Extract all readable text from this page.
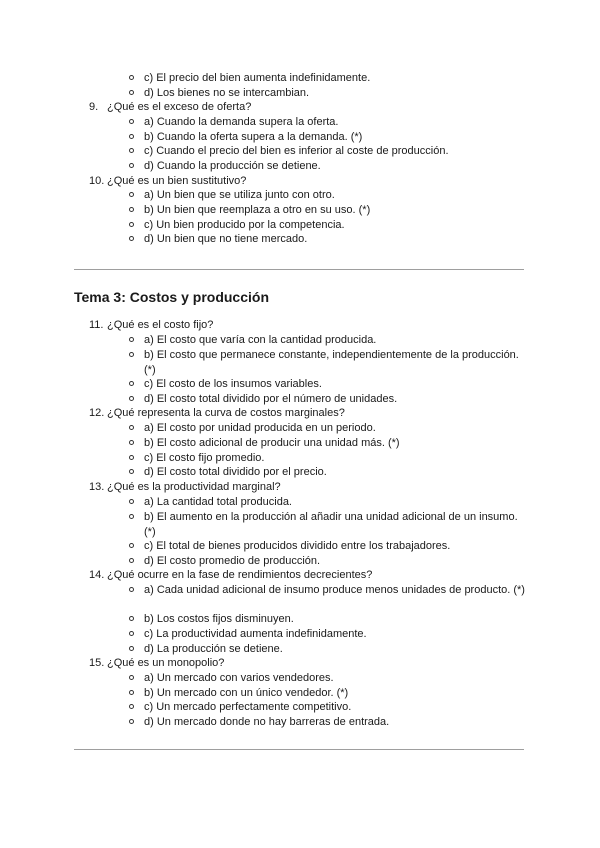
c) El precio del bien aumenta indefinidamente.
d) Los bienes no se intercambian.
9. ¿Qué es el exceso de oferta?
a) Cuando la demanda supera la oferta.
b) Cuando la oferta supera a la demanda. (*)
c) Cuando el precio del bien es inferior al coste de producción.
d) Cuando la producción se detiene.
10. ¿Qué es un bien sustitutivo?
a) Un bien que se utiliza junto con otro.
b) Un bien que reemplaza a otro en su uso. (*)
c) Un bien producido por la competencia.
d) Un bien que no tiene mercado.
Tema 3: Costos y producción
11. ¿Qué es el costo fijo?
a) El costo que varía con la cantidad producida.
b) El costo que permanece constante, independientemente de la producción. (*)
c) El costo de los insumos variables.
d) El costo total dividido por el número de unidades.
12. ¿Qué representa la curva de costos marginales?
a) El costo por unidad producida en un periodo.
b) El costo adicional de producir una unidad más. (*)
c) El costo fijo promedio.
d) El costo total dividido por el precio.
13. ¿Qué es la productividad marginal?
a) La cantidad total producida.
b) El aumento en la producción al añadir una unidad adicional de un insumo. (*)
c) El total de bienes producidos dividido entre los trabajadores.
d) El costo promedio de producción.
14. ¿Qué ocurre en la fase de rendimientos decrecientes?
a) Cada unidad adicional de insumo produce menos unidades de producto. (*)
b) Los costos fijos disminuyen.
c) La productividad aumenta indefinidamente.
d) La producción se detiene.
15. ¿Qué es un monopolio?
a) Un mercado con varios vendedores.
b) Un mercado con un único vendedor. (*)
c) Un mercado perfectamente competitivo.
d) Un mercado donde no hay barreras de entrada.
